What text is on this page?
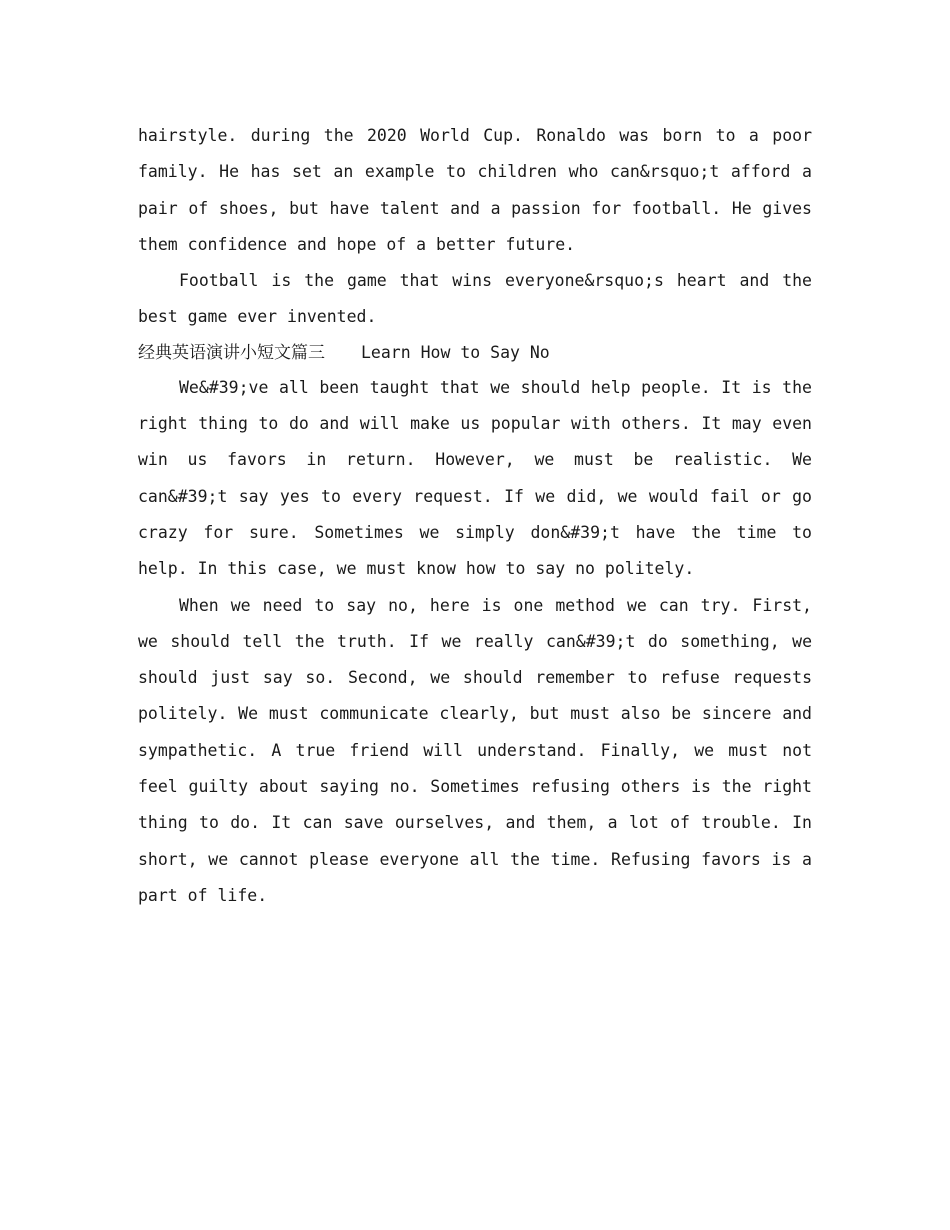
hairstyle. during the 2020 World Cup. Ronaldo was born to a poor family. He has set an example to children who can&rsquo;t afford a pair of shoes, but have talent and a passion for football. He gives them confidence and hope of a better future.

Football is the game that wins everyone&rsquo;s heart and the best game ever invented.

经典英语演讲小短文篇三 Learn How to Say No

We&#39;ve all been taught that we should help people. It is the right thing to do and will make us popular with others. It may even win us favors in return. However, we must be realistic. We can&#39;t say yes to every request. If we did, we would fail or go crazy for sure. Sometimes we simply don&#39;t have the time to help. In this case, we must know how to say no politely.

When we need to say no, here is one method we can try. First, we should tell the truth. If we really can&#39;t do something, we should just say so. Second, we should remember to refuse requests politely. We must communicate clearly, but must also be sincere and sympathetic. A true friend will understand. Finally, we must not feel guilty about saying no. Sometimes refusing others is the right thing to do. It can save ourselves, and them, a lot of trouble. In short, we cannot please everyone all the time. Refusing favors is a part of life.
